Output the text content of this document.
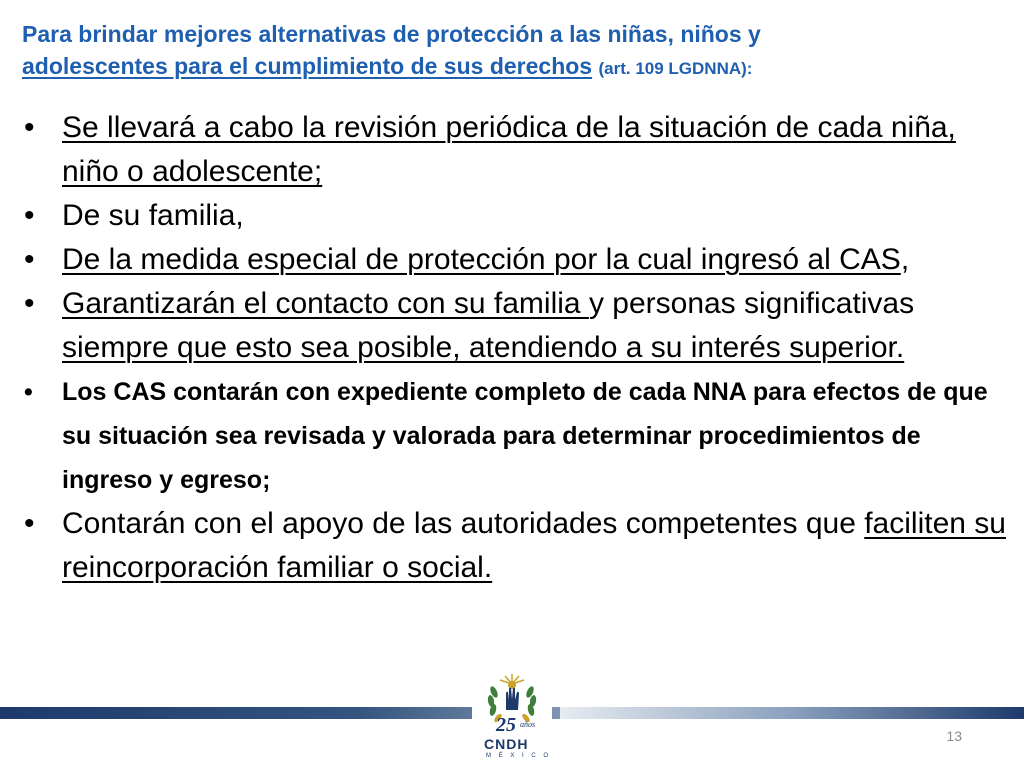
Para brindar mejores alternativas de protección a las niñas, niños y
adolescentes para el cumplimiento de sus derechos (art. 109 LGDNNA):
• Se llevará a cabo la revisión periódica de la situación de cada niña, niño o adolescente;
• De su familia,
• De la medida especial de protección por la cual ingresó al CAS,
• Garantizarán el contacto con su familia y personas significativas siempre que esto sea posible, atendiendo a su interés superior.
•	Los CAS contarán con expediente completo de cada NNA para efectos de que su situación sea revisada y valorada para determinar procedimientos de ingreso y egreso;
• Contarán con el apoyo de las autoridades competentes que faciliten su reincorporación familiar o social.
25 años
CNDH
M É X I C O
13
